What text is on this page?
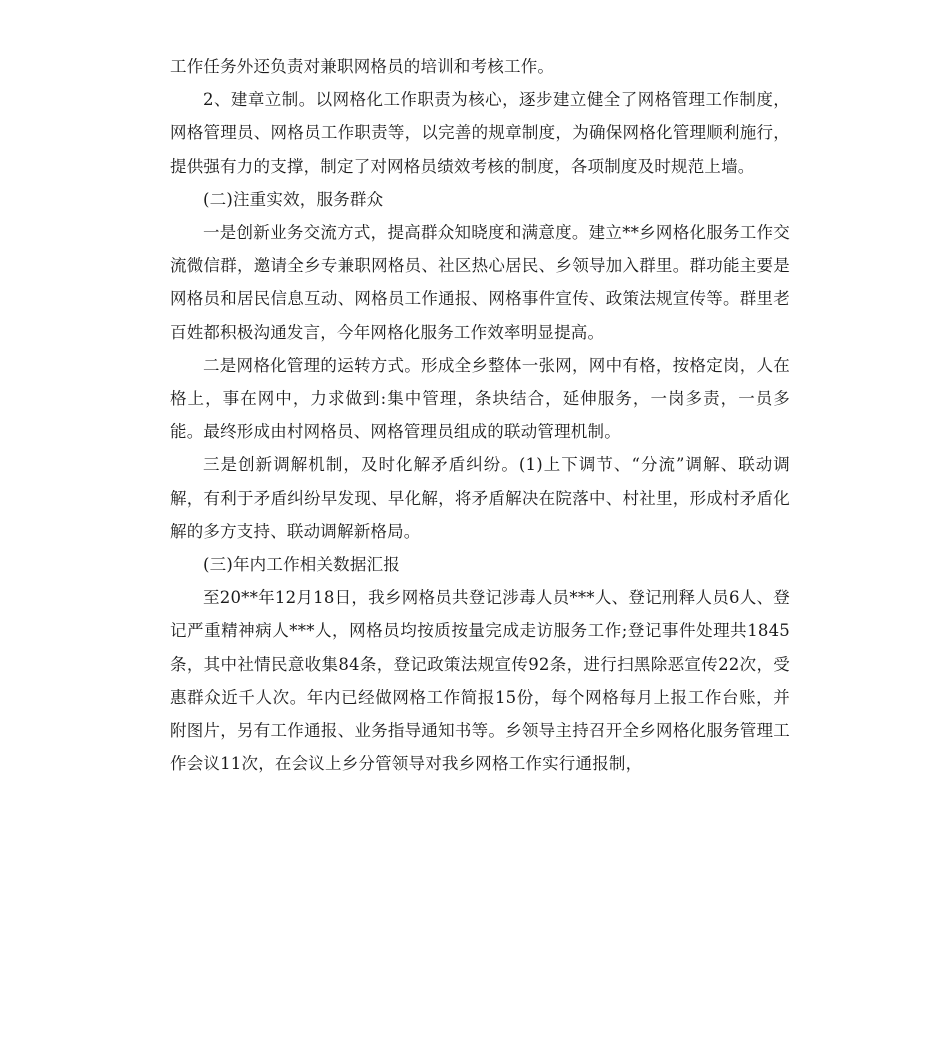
工作任务外还负责对兼职网格员的培训和考核工作。

2、建章立制。以网格化工作职责为核心，逐步建立健全了网格管理工作制度，网格管理员、网格员工作职责等，以完善的规章制度，为确保网格化管理顺利施行，提供强有力的支撑，制定了对网格员绩效考核的制度，各项制度及时规范上墙。

(二)注重实效，服务群众

一是创新业务交流方式，提高群众知晓度和满意度。建立**乡网格化服务工作交流微信群，邀请全乡专兼职网格员、社区热心居民、乡领导加入群里。群功能主要是网格员和居民信息互动、网格员工作通报、网格事件宣传、政策法规宣传等。群里老百姓都积极沟通发言，今年网格化服务工作效率明显提高。

二是网格化管理的运转方式。形成全乡整体一张网，网中有格，按格定岗，人在格上，事在网中，力求做到:集中管理，条块结合，延伸服务，一岗多责，一员多能。最终形成由村网格员、网格管理员组成的联动管理机制。

三是创新调解机制，及时化解矛盾纠纷。(1)上下调节、“分流”调解、联动调解，有利于矛盾纠纷早发现、早化解，将矛盾解决在院落中、村社里，形成村矛盾化解的多方支持、联动调解新格局。

(三)年内工作相关数据汇报

至20**年12月18日，我乡网格员共登记涉毒人员***人、登记刑释人员6人、登记严重精神病人***人，网格员均按质按量完成走访服务工作;登记事件处理共1845条，其中社情民意收集84条，登记政策法规宣传92条，进行扫黑除恶宣传22次，受惠群众近千人次。年内已经做网格工作简报15份，每个网格每月上报工作台账，并附图片，另有工作通报、业务指导通知书等。乡领导主持召开全乡网格化服务管理工作会议11次，在会议上乡分管领导对我乡网格工作实行通报制，
